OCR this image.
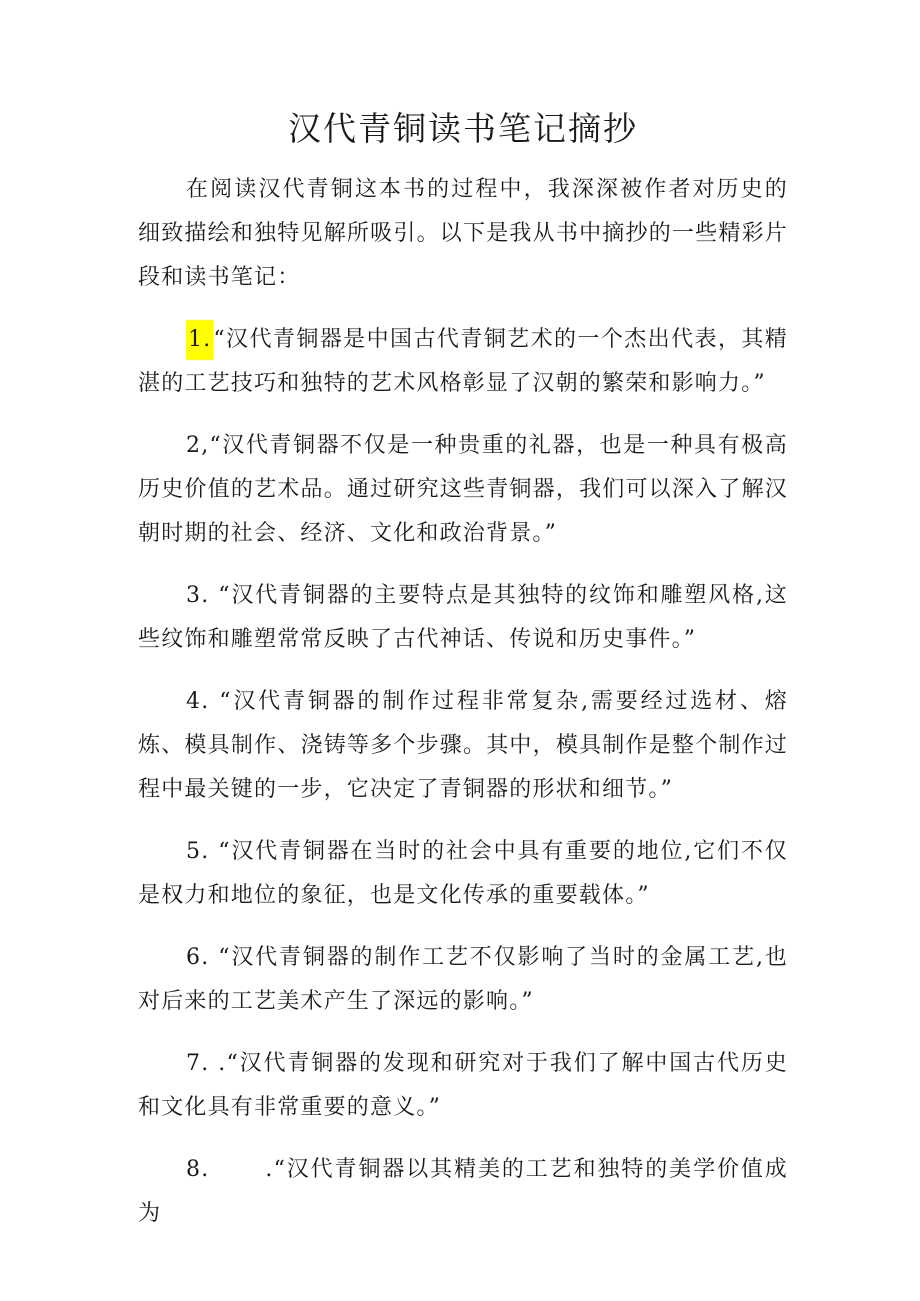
汉代青铜读书笔记摘抄

在阅读汉代青铜这本书的过程中，我深深被作者对历史的细致描绘和独特见解所吸引。以下是我从书中摘抄的一些精彩片段和读书笔记：

1.“汉代青铜器是中国古代青铜艺术的一个杰出代表，其精湛的工艺技巧和独特的艺术风格彰显了汉朝的繁荣和影响力。”

2,“汉代青铜器不仅是一种贵重的礼器，也是一种具有极高历史价值的艺术品。通过研究这些青铜器，我们可以深入了解汉朝时期的社会、经济、文化和政治背景。”

3. “汉代青铜器的主要特点是其独特的纹饰和雕塑风格,这些纹饰和雕塑常常反映了古代神话、传说和历史事件。”

4. “汉代青铜器的制作过程非常复杂,需要经过选材、熔炼、模具制作、浇铸等多个步骤。其中，模具制作是整个制作过程中最关键的一步，它决定了青铜器的形状和细节。”

5. “汉代青铜器在当时的社会中具有重要的地位,它们不仅是权力和地位的象征，也是文化传承的重要载体。”

6. “汉代青铜器的制作工艺不仅影响了当时的金属工艺,也对后来的工艺美术产生了深远的影响。”

7. .“汉代青铜器的发现和研究对于我们了解中国古代历史和文化具有非常重要的意义。”

8.	.“汉代青铜器以其精美的工艺和独特的美学价值成为
